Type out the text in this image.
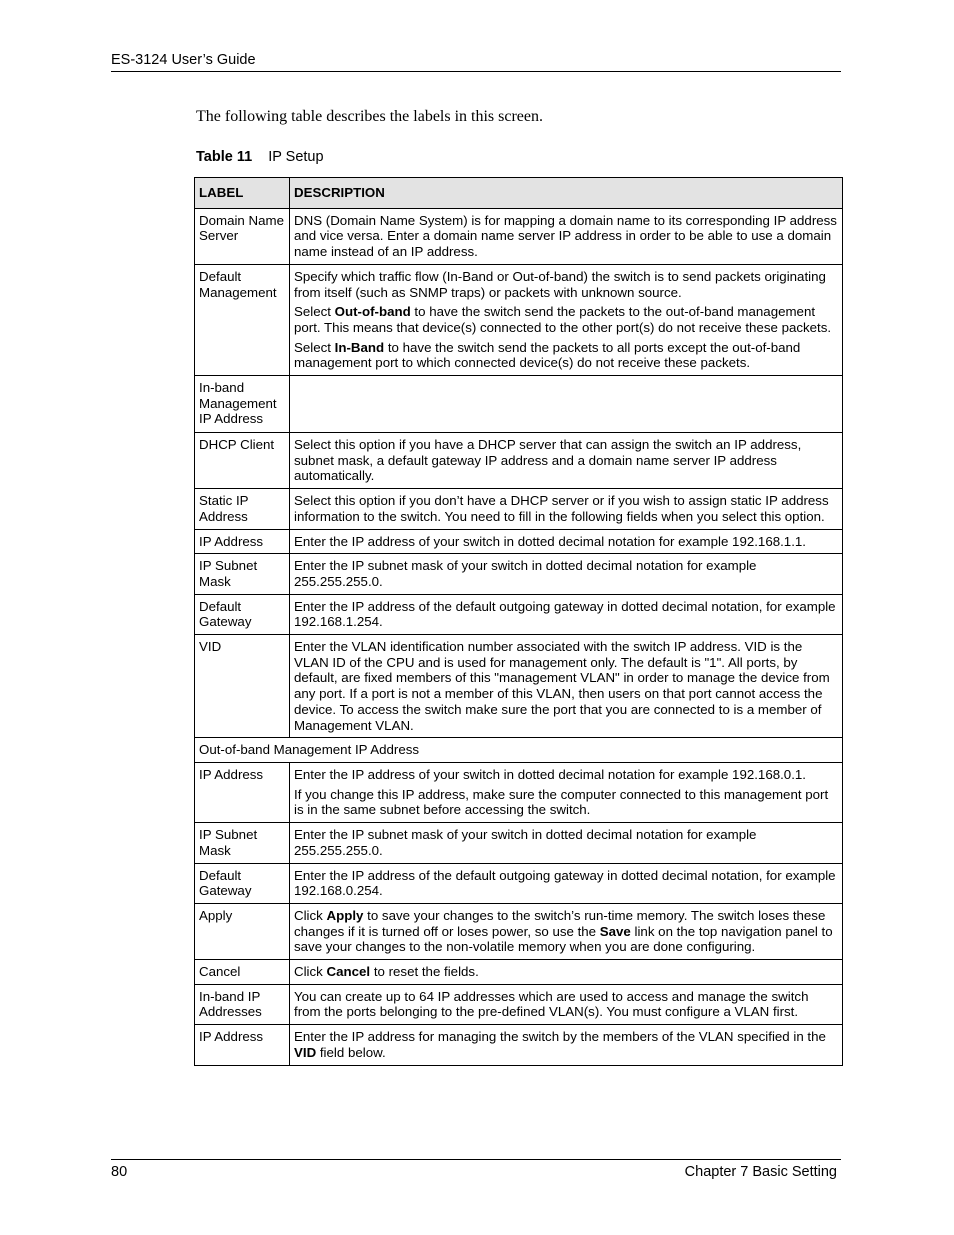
ES-3124 User’s Guide
The following table describes the labels in this screen.
Table 11 IP Setup
LABEL	DESCRIPTION
Domain Name Server	DNS (Domain Name System) is for mapping a domain name to its corresponding IP address and vice versa. Enter a domain name server IP address in order to be able to use a domain name instead of an IP address.

Default Management	Specify which traffic flow (In-Band or Out-of-band) the switch is to send packets originating from itself (such as SNMP traps) or packets with unknown source.

Select Out-of-band to have the switch send the packets to the out-of-band management port. This means that device(s) connected to the other port(s) do not receive these packets.

Select In-Band to have the switch send the packets to all ports except the out-of-band management port to which connected device(s) do not receive these packets.

In-band Management IP Address	
DHCP Client	Select this option if you have a DHCP server that can assign the switch an IP address, subnet mask, a default gateway IP address and a domain name server IP address automatically.

Static IP Address	Select this option if you don’t have a DHCP server or if you wish to assign static IP address information to the switch. You need to fill in the following fields when you select this option.

IP Address	Enter the IP address of your switch in dotted decimal notation for example 192.168.1.1.

IP Subnet Mask	Enter the IP subnet mask of your switch in dotted decimal notation for example 255.255.255.0.

Default Gateway	Enter the IP address of the default outgoing gateway in dotted decimal notation, for example 192.168.1.254.

VID	Enter the VLAN identification number associated with the switch IP address. VID is the VLAN ID of the CPU and is used for management only. The default is "1". All ports, by default, are fixed members of this "management VLAN" in order to manage the device from any port. If a port is not a member of this VLAN, then users on that port cannot access the device. To access the switch make sure the port that you are connected to is a member of Management VLAN.

Out-of-band Management IP Address	
IP Address	Enter the IP address of your switch in dotted decimal notation for example 192.168.0.1.

If you change this IP address, make sure the computer connected to this management port is in the same subnet before accessing the switch.

IP Subnet Mask	Enter the IP subnet mask of your switch in dotted decimal notation for example 255.255.255.0.

Default Gateway	Enter the IP address of the default outgoing gateway in dotted decimal notation, for example 192.168.0.254.

Apply	Click Apply to save your changes to the switch’s run-time memory. The switch loses these changes if it is turned off or loses power, so use the Save link on the top navigation panel to save your changes to the non-volatile memory when you are done configuring.

Cancel	Click Cancel to reset the fields.

In-band IP Addresses	You can create up to 64 IP addresses which are used to access and manage the switch from the ports belonging to the pre-defined VLAN(s). You must configure a VLAN first.

IP Address	Enter the IP address for managing the switch by the members of the VLAN specified in the VID field below.

80	Chapter 7 Basic Setting
